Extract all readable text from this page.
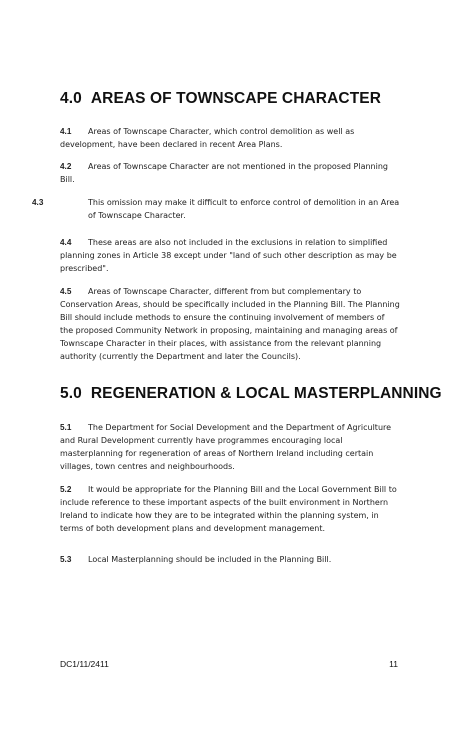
4.0 AREAS OF TOWNSCAPE CHARACTER

4.1 Areas of Townscape Character, which control demolition as well as development, have been declared in recent Area Plans.

4.2 Areas of Townscape Character are not mentioned in the proposed Planning Bill.

4.3	This omission may make it difficult to enforce control of demolition in an Area of Townscape Character.

4.4 These areas are also not included in the exclusions in relation to simplified planning zones in Article 38 except under "land of such other description as may be prescribed".

4.5 Areas of Townscape Character, different from but complementary to Conservation Areas, should be specifically included in the Planning Bill. The Planning Bill should include methods to ensure the continuing involvement of members of the proposed Community Network in proposing, maintaining and managing areas of Townscape Character in their places, with assistance from the relevant planning authority (currently the Department and later the Councils).

5.0 REGENERATION & LOCAL MASTERPLANNING

5.1 The Department for Social Development and the Department of Agriculture and Rural Development currently have programmes encouraging local masterplanning for regeneration of areas of Northern Ireland including certain villages, town centres and neighbourhoods.

5.2 It would be appropriate for the Planning Bill and the Local Government Bill to include reference to these important aspects of the built environment in Northern Ireland to indicate how they are to be integrated within the planning system, in terms of both development plans and development management.

5.3 Local Masterplanning should be included in the Planning Bill.

DC1/11/2411	11
